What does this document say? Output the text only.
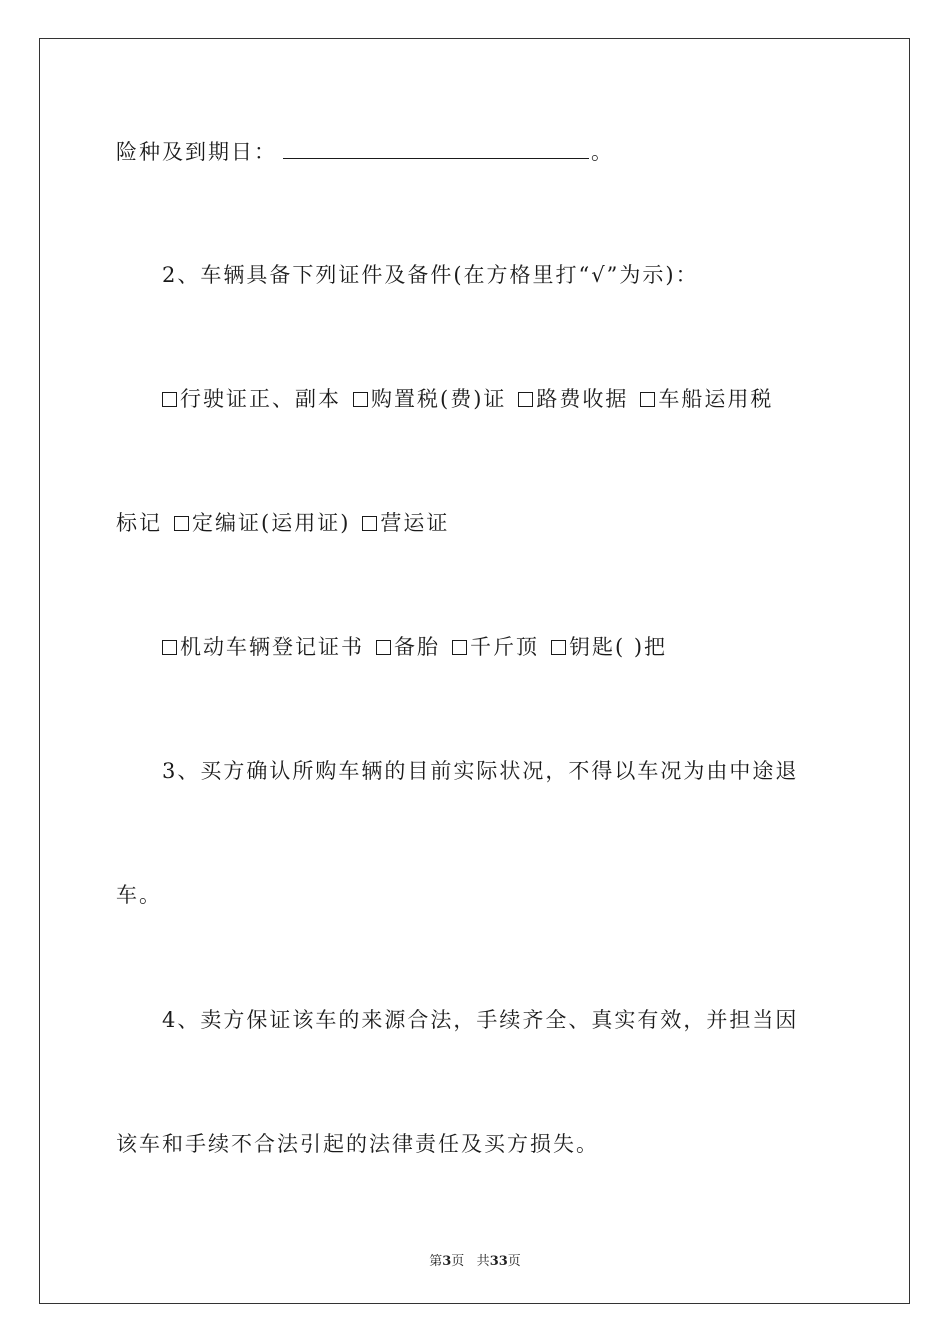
险种及到期日：	。
2、车辆具备下列证件及备件(在方格里打“√”为示)：
行驶证正、副本 购置税(费)证 路费收据 车船运用税
标记 定编证(运用证) 营运证
机动车辆登记证书 备胎 千斤顶 钥匙( )把
3、买方确认所购车辆的目前实际状况，不得以车况为由中途退
车。
4、卖方保证该车的来源合法，手续齐全、真实有效，并担当因
该车和手续不合法引起的法律责任及买方损失。
第3页 共33页
